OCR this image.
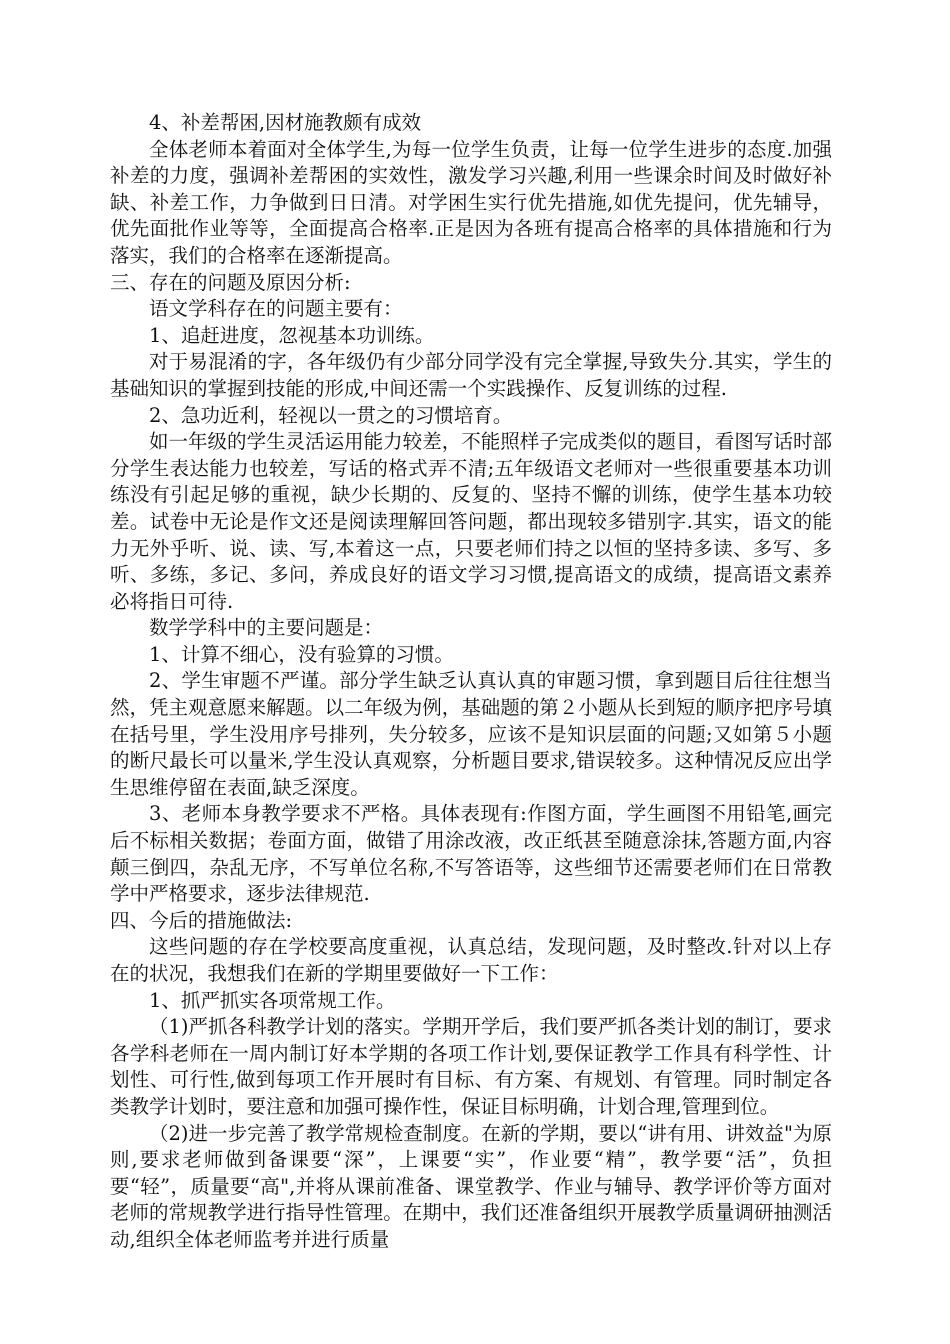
4、补差帮困,因材施教颇有成效

全体老师本着面对全体学生,为每一位学生负责，让每一位学生进步的态度.加强补差的力度，强调补差帮困的实效性，激发学习兴趣,利用一些课余时间及时做好补缺、补差工作，力争做到日日清。对学困生实行优先措施,如优先提问，优先辅导，优先面批作业等等，全面提高合格率.正是因为各班有提高合格率的具体措施和行为落实，我们的合格率在逐渐提高。

三、存在的问题及原因分析:

语文学科存在的问题主要有：

1、追赶进度，忽视基本功训练。

对于易混淆的字，各年级仍有少部分同学没有完全掌握,导致失分.其实，学生的基础知识的掌握到技能的形成,中间还需一个实践操作、反复训练的过程.

2、急功近利，轻视以一贯之的习惯培育。

如一年级的学生灵活运用能力较差，不能照样子完成类似的题目，看图写话时部分学生表达能力也较差，写话的格式弄不清;五年级语文老师对一些很重要基本功训练没有引起足够的重视，缺少长期的、反复的、坚持不懈的训练，使学生基本功较差。试卷中无论是作文还是阅读理解回答问题，都出现较多错别字.其实，语文的能力无外乎听、说、读、写,本着这一点，只要老师们持之以恒的坚持多读、多写、多听、多练，多记、多问，养成良好的语文学习习惯,提高语文的成绩，提高语文素养必将指日可待.

数学学科中的主要问题是：

1、计算不细心，没有验算的习惯。

2、学生审题不严谨。部分学生缺乏认真认真的审题习惯，拿到题目后往往想当然，凭主观意愿来解题。以二年级为例，基础题的第２小题从长到短的顺序把序号填在括号里，学生没用序号排列，失分较多，应该不是知识层面的问题;又如第５小题的断尺最长可以量米,学生没认真观察，分析题目要求,错误较多。这种情况反应出学生思维停留在表面,缺乏深度。

3、老师本身教学要求不严格。具体表现有:作图方面，学生画图不用铅笔,画完后不标相关数据；卷面方面，做错了用涂改液，改正纸甚至随意涂抹,答题方面,内容颠三倒四，杂乱无序，不写单位名称,不写答语等，这些细节还需要老师们在日常教学中严格要求，逐步法律规范.

四、今后的措施做法:

这些问题的存在学校要高度重视，认真总结，发现问题，及时整改.针对以上存在的状况，我想我们在新的学期里要做好一下工作：

1、抓严抓实各项常规工作。

（1)严抓各科教学计划的落实。学期开学后，我们要严抓各类计划的制订，要求各学科老师在一周内制订好本学期的各项工作计划,要保证教学工作具有科学性、计划性、可行性,做到每项工作开展时有目标、有方案、有规划、有管理。同时制定各类教学计划时，要注意和加强可操作性，保证目标明确，计划合理,管理到位。

（2)进一步完善了教学常规检查制度。在新的学期，要以“讲有用、讲效益"为原则,要求老师做到备课要“深”，上课要“实”，作业要“精”，教学要“活”，负担要“轻”，质量要“高",并将从课前准备、课堂教学、作业与辅导、教学评价等方面对老师的常规教学进行指导性管理。在期中，我们还准备组织开展教学质量调研抽测活动,组织全体老师监考并进行质量
